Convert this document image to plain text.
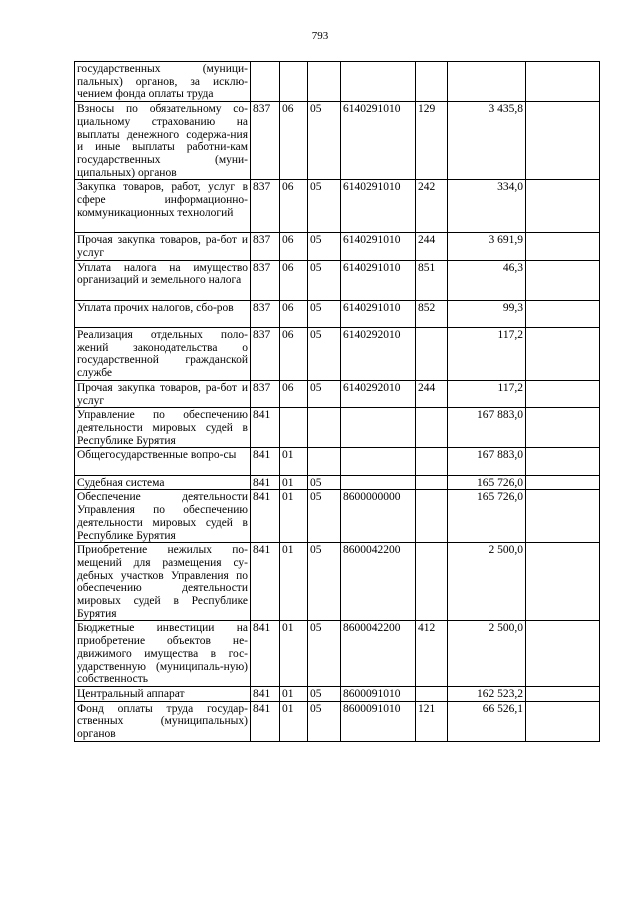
793
государственных (муници-пальных) органов, за исклю-чением фонда оплаты труда							
Взносы по обязательному со-циальному страхованию на выплаты денежного содержа-ния и иные выплаты работни-кам государственных (муни-ципальных) органов	837	06	05	6140291010	129	3 435,8	
Закупка товаров, работ, услуг в сфере информационно-коммуникационных технологий	837	06	05	6140291010	242	334,0	
Прочая закупка товаров, ра-бот и услуг	837	06	05	6140291010	244	3 691,9	
Уплата налога на имущество организаций и земельного налога	837	06	05	6140291010	851	46,3	
Уплата прочих налогов, сбо-ров	837	06	05	6140291010	852	99,3	
Реализация отдельных поло-жений законодательства о государственной гражданской службе	837	06	05	6140292010		117,2	
Прочая закупка товаров, ра-бот и услуг	837	06	05	6140292010	244	117,2	
Управление по обеспечению деятельности мировых судей в Республике Бурятия	841					167 883,0	
Общегосударственные вопро-сы	841	01				167 883,0	
Судебная система	841	01	05			165 726,0	
Обеспечение деятельности Управления по обеспечению деятельности мировых судей в Республике Бурятия	841	01	05	8600000000		165 726,0	
Приобретение нежилых по-мещений для размещения су-дебных участков Управления по обеспечению деятельности мировых судей в Республике Бурятия	841	01	05	8600042200		2 500,0	
Бюджетные инвестиции на приобретение объектов не-движимого имущества в гос-ударственную (муниципаль-ную) собственность	841	01	05	8600042200	412	2 500,0	
Центральный аппарат	841	01	05	8600091010		162 523,2	
Фонд оплаты труда государ-ственных (муниципальных) органов	841	01	05	8600091010	121	66 526,1	
